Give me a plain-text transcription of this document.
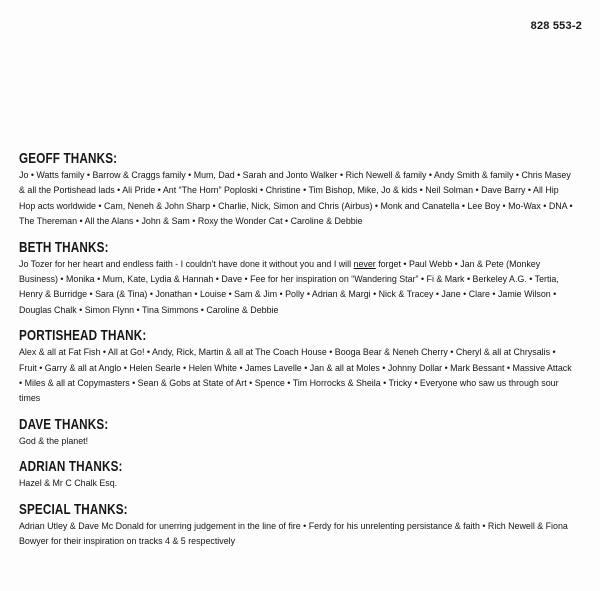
828 553-2
GEOFF THANKS:

Jo • Watts family • Barrow & Craggs family • Mum, Dad • Sarah and Jonto Walker • Rich Newell & family • Andy Smith & family • Chris Masey & all the Portishead lads • Ali Pride • Ant “The Horn” Poploski • Christine • Tim Bishop, Mike, Jo & kids • Neil Solman • Dave Barry • All Hip Hop acts worldwide • Cam, Neneh & John Sharp • Charlie, Nick, Simon and Chris (Airbus) • Monk and Canatella • Lee Boy • Mo-Wax • DNA • The Thereman • All the Alans • John & Sam • Roxy the Wonder Cat • Caroline & Debbie

BETH THANKS:

Jo Tozer for her heart and endless faith - I couldn't have done it without you and I will never forget • Paul Webb • Jan & Pete (Monkey Business) • Monika • Mum, Kate, Lydia & Hannah • Dave • Fee for her inspiration on “Wandering Star” • Fi & Mark • Berkeley A.G. • Tertia, Henry & Burridge • Sara (& Tina) • Jonathan • Louise • Sam & Jim • Polly • Adrian & Margi • Nick & Tracey • Jane • Clare • Jamie Wilson • Douglas Chalk • Simon Flynn • Tina Simmons • Caroline & Debbie

PORTISHEAD THANK:

Alex & all at Fat Fish • All at Go! • Andy, Rick, Martin & all at The Coach House • Booga Bear & Neneh Cherry • Cheryl & all at Chrysalis • Fruit • Garry & all at Anglo • Helen Searle • Helen White • James Lavelle • Jan & all at Moles • Johnny Dollar • Mark Bessant • Massive Attack • Miles & all at Copymasters • Sean & Gobs at State of Art • Spence • Tim Horrocks & Sheila • Tricky • Everyone who saw us through sour times

DAVE THANKS:

God & the planet!

ADRIAN THANKS:

Hazel & Mr C Chalk Esq.

SPECIAL THANKS:

Adrian Utley & Dave Mc Donald for unerring judgement in the line of fire • Ferdy for his unrelenting persistance & faith • Rich Newell & Fiona Bowyer for their inspiration on tracks 4 & 5 respectively
